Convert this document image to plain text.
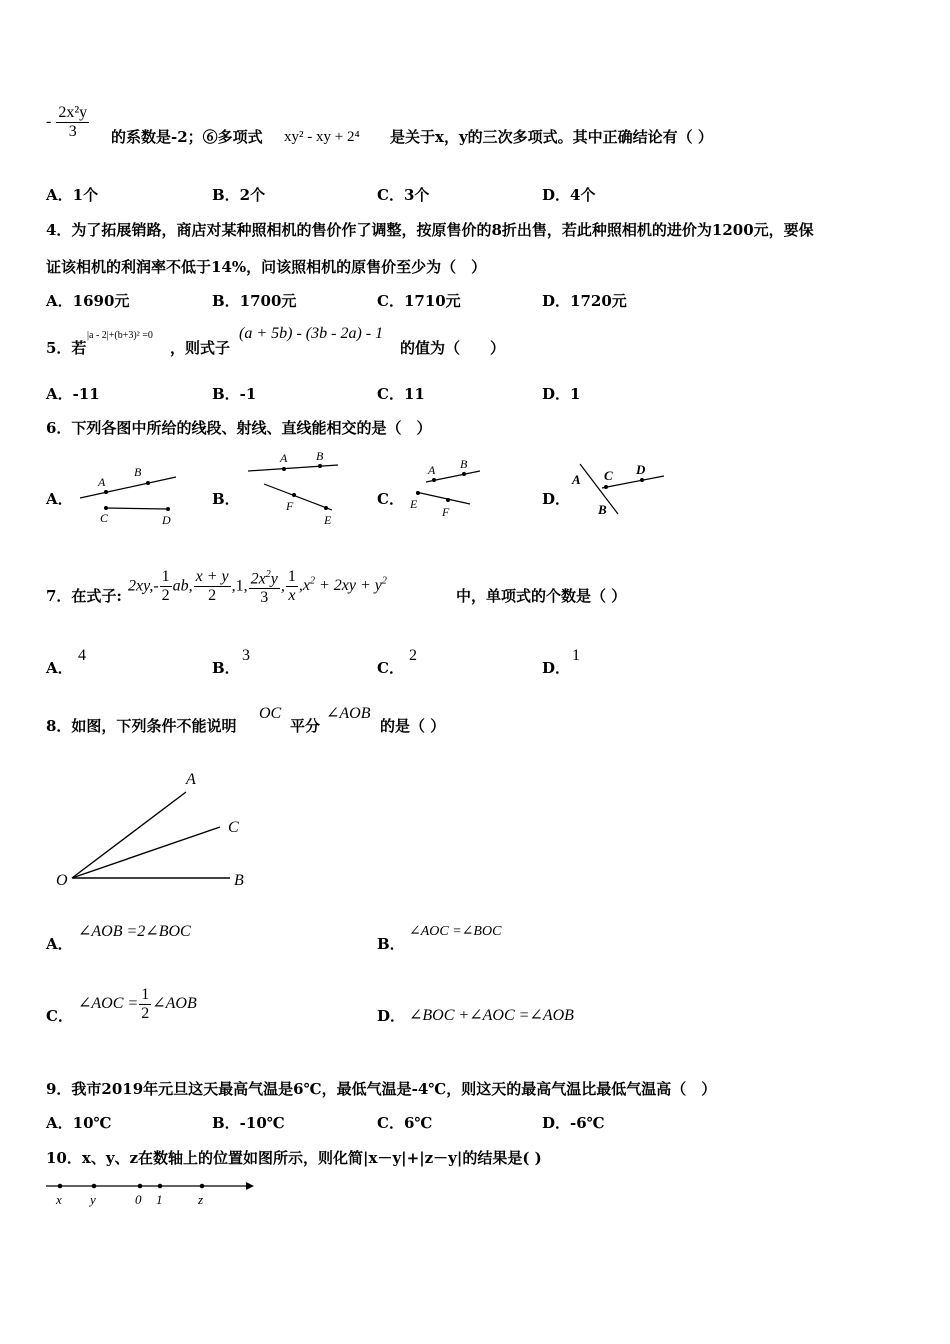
- $\frac{\text{2x²y}}{3}$ 的系数是-2；⑥多项式 xy² - xy + 2⁴ 是关于x，y的三次多项式。其中正确结论有（ ）
A．1个	B．2个	C．3个	D．4个
4．为了拓展销路，商店对某种照相机的售价作了调整，按原售价的8折出售，若此种照相机的进价为1200元，要保
证该相机的利润率不低于14%，问该照相机的原售价至少为（　）
A．1690元	B．1700元	C．1710元	D．1720元
5．若
|a - 2|+(b+3)² =0
，则式子
(a + 5b) - (3b - 2a) - 1
的值为（　　）
A．-11	B．-1	C．11	D．1
6．下列各图中所给的线段、射线、直线能相交的是（　）
A．	B．	C．	D．
A
B
C	D
A B
F
E
A B
E
F
A C D
B
7．在式子:
$2xy,- \frac{1}{2}$ ab, $\frac{x + y}{2} ,1$, $\frac{2x^2y}{3}$ , $\frac{1}{x} ,x^2 + 2xy + y^2$
中，单项式的个数是（ ）
A．
4
B．
3
C．
2
D．
1
8．如图，下列条件不能说明
OC
平分
∠AOB
的是（ ）
A
C
O	B
A．
∠AOB =2∠BOC
B．
∠AOC =∠BOC
C．
∠AOC = $\frac{1}{2}$ ∠AOB
D． ∠BOC +∠AOC =∠AOB
9．我市2019年元旦这天最高气温是6℃，最低气温是-4℃，则这天的最高气温比最低气温高（　）
A．10℃	B．-10℃	C．6℃	D．-6℃
10．x、y、z在数轴上的位置如图所示，则化简|x－y|+|z－y|的结果是( )
x y	0 1	z
